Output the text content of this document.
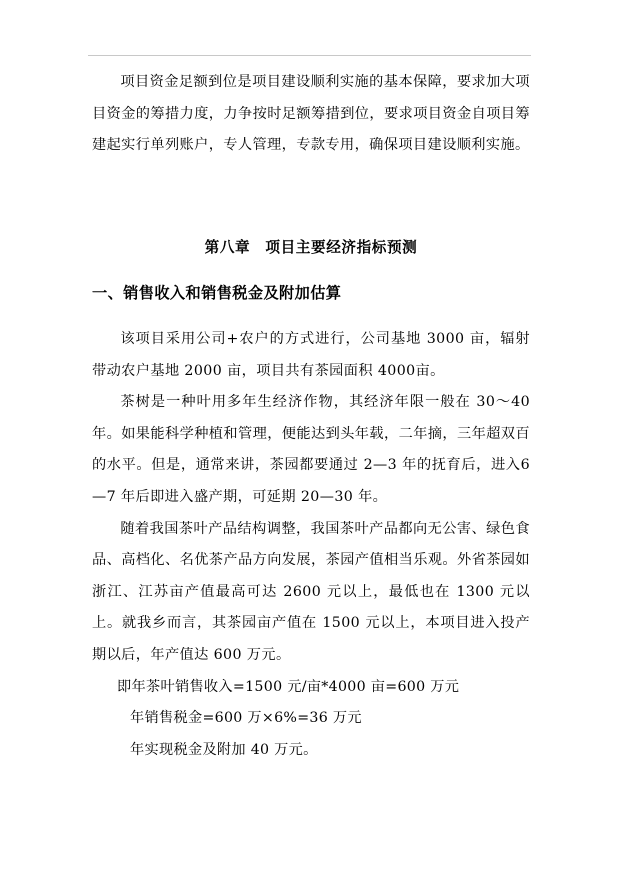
项目资金足额到位是项目建设顺利实施的基本保障，要求加大项目资金的筹措力度，力争按时足额筹措到位，要求项目资金自项目筹建起实行单列账户，专人管理，专款专用，确保项目建设顺利实施。

第八章　项目主要经济指标预测
一、销售收入和销售税金及附加估算

该项目采用公司+农户的方式进行，公司基地 3000 亩，辐射带动农户基地 2000 亩，项目共有茶园面积 4000亩。

茶树是一种叶用多年生经济作物，其经济年限一般在 30～40年。如果能科学种植和管理，便能达到头年载，二年摘，三年超双百的水平。但是，通常来讲，茶园都要通过 2—3 年的抚育后，进入6—7 年后即进入盛产期，可延期 20—30 年。

随着我国茶叶产品结构调整，我国茶叶产品都向无公害、绿色食品、高档化、名优茶产品方向发展，茶园产值相当乐观。外省茶园如浙江、江苏亩产值最高可达 2600 元以上，最低也在 1300 元以上。就我乡而言，其茶园亩产值在 1500 元以上，本项目进入投产期以后，年产值达 600 万元。

即年茶叶销售收入=1500 元/亩*4000 亩=600 万元

年销售税金=600 万×6%=36 万元

年实现税金及附加 40 万元。
